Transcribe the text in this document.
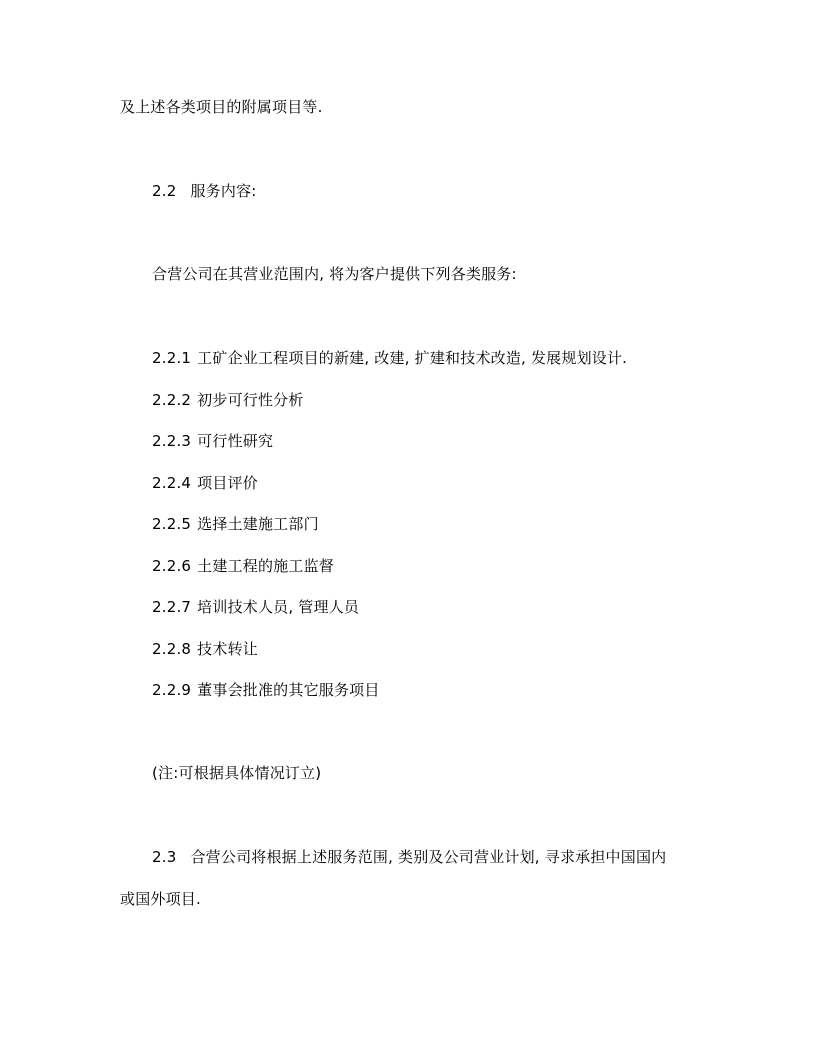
及上述各类项目的附属项目等.
2.2 服务内容:
合营公司在其营业范围内, 将为客户提供下列各类服务:
2.2.1 工矿企业工程项目的新建, 改建, 扩建和技术改造, 发展规划设计.
2.2.2 初步可行性分析
2.2.3 可行性研究
2.2.4 项目评价
2.2.5 选择土建施工部门
2.2.6 土建工程的施工监督
2.2.7 培训技术人员, 管理人员
2.2.8 技术转让
2.2.9 董事会批准的其它服务项目
(注:可根据具体情况订立)
2.3 合营公司将根据上述服务范围, 类别及公司营业计划, 寻求承担中国国内
或国外项目.
